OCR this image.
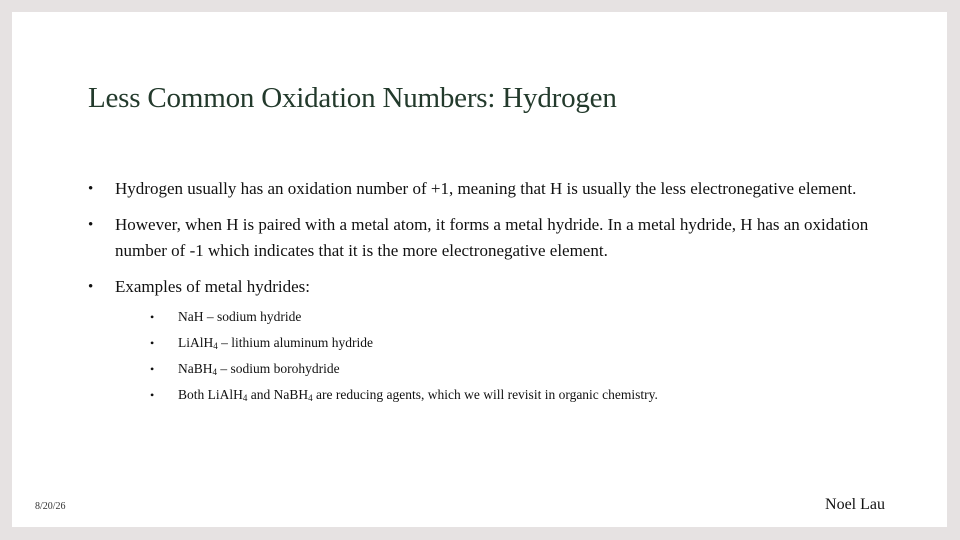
Less Common Oxidation Numbers: Hydrogen
• Hydrogen usually has an oxidation number of +1, meaning that H is usually the less electronegative element.
• However, when H is paired with a metal atom, it forms a metal hydride. In a metal hydride, H has an oxidation number of -1 which indicates that it is the more electronegative element.
• Examples of metal hydrides:
• NaH – sodium hydride
• LiAlH$_4$ – lithium aluminum hydride
• NaBH$_4$ – sodium borohydride
• Both LiAlH$_4$ and NaBH$_4$ are reducing agents, which we will revisit in organic chemistry.
8/20/26	Noel Lau
